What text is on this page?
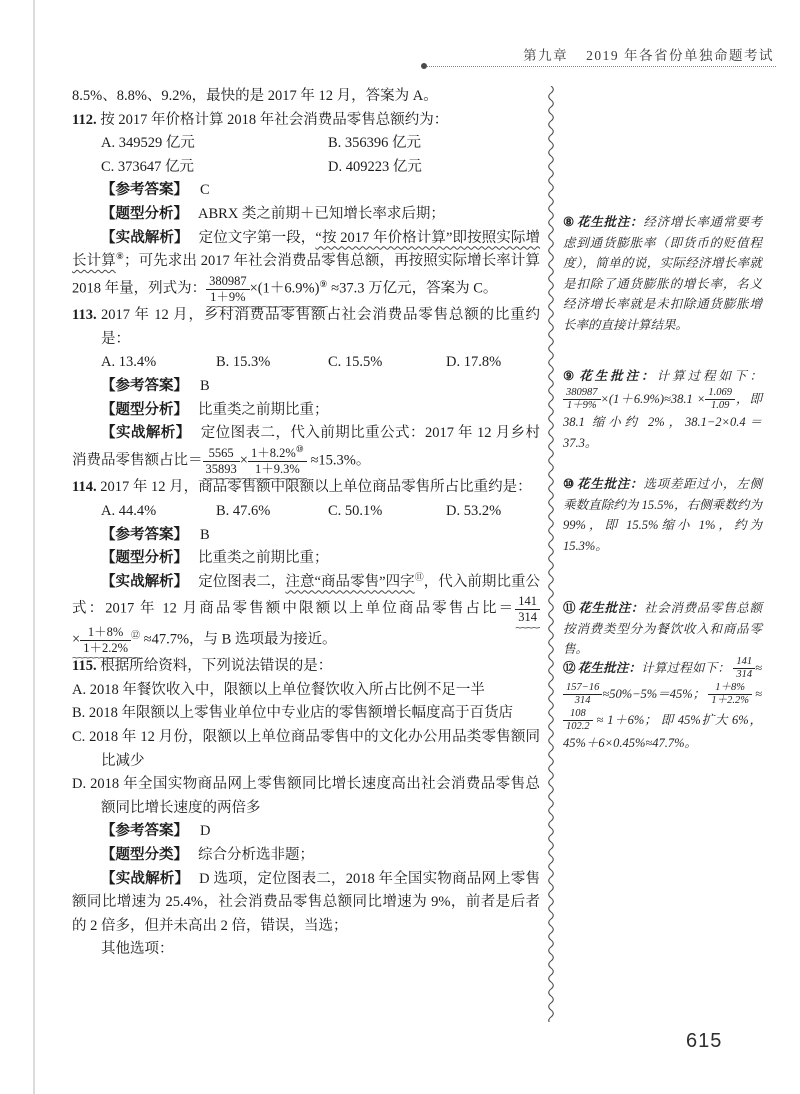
第九章 2019 年各省份单独命题考试

8.5%、8.8%、9.2%，最快的是 2017 年 12 月，答案为 A。

112. 按 2017 年价格计算 2018 年社会消费品零售总额约为：

A. 349529 亿元	B. 356396 亿元
C. 373647 亿元	D. 409223 亿元

【参考答案】 C

【题型分析】 ABRX 类之前期＋已知增长率求后期；

【实战解析】 定位文字第一段，“按 2017 年价格计算”即按照实际增长计算⑧；可先求出 2017 年社会消费品零售总额，再按照实际增长率计算 2018 年量，列式为： $\frac{380987}{1+9\%} \times(1+6.9\%)^⑨$ ~~~~~ ≈37.3 万亿元，答案为 C。

113. 2017 年 12 月，乡村消费品零售额占社会消费品零售总额的比重约是：

A. 13.4%	B. 15.3%	C. 15.5%	D. 17.8%

【参考答案】 B

【题型分析】 比重类之前期比重；

【实战解析】 定位图表二，代入前期比重公式：2017 年 12 月乡村消费品零售额占比＝ $\frac{5565}{35893} \times \frac{1+8.2\%^⑩}{1+9.3\%}$
~~~~~ ≈15.3%。

114. 2017 年 12 月，商品零售额中限额以上单位商品零售所占比重约是：

A. 44.4%	B. 47.6%	C. 50.1%	D. 53.2%

【参考答案】 B

【题型分析】 比重类之前期比重；

【实战解析】 定位图表二，注意“商品零售”四字⑪，代入前期比重公式：2017 年 12 月商品零售额中限额以上单位商品零售占比＝ $\frac{141}{314}$
~~~~~× $\frac{1+8\%}{1+2.2\%} ^⑫$ ~~~~~ ≈47.7%，与 B 选项最为接近。

115. 根据所给资料，下列说法错误的是：

A. 2018 年餐饮收入中，限额以上单位餐饮收入所占比例不足一半

B. 2018 年限额以上零售业单位中专业店的零售额增长幅度高于百货店

C. 2018 年 12 月份，限额以上单位商品零售中的文化办公用品类零售额同比减少

D. 2018 年全国实物商品网上零售额同比增长速度高出社会消费品零售总额同比增长速度的两倍多

【参考答案】 D

【题型分类】 综合分析选非题；

【实战解析】 D 选项，定位图表二，2018 年全国实物商品网上零售额同比增速为 25.4%，社会消费品零售总额同比增速为 9%，前者是后者的 2 倍多，但并未高出 2 倍，错误，当选；

其他选项：

⑧ 花生批注：经济增长率通常要考虑到通货膨胀率（即货币的贬值程度），简单的说，实际经济增长率就是扣除了通货膨胀的增长率，名义经济增长率就是未扣除通货膨胀增长率的直接计算结果。
⑨ 花生批注：计算过程如下：
$\frac{380987}{1+9\%} \times(1+6.9\%)\approx 38.1 \times \frac{1.069}{1.09}$ ，即 38.1 缩小约 2%，38.1−2×0.4＝37.3。
⑩ 花生批注：选项差距过小，左侧乘数直除约为 15.5%，右侧乘数约为 99%，即 15.5%缩小 1%，约为 15.3%。
⑪ 花生批注：社会消费品零售总额按消费类型分为餐饮收入和商品零售。
⑫ 花生批注：计算过程如下： $\frac{141}{314}$ ≈
$\frac{157-16}{314} \approx 50\%-5\%=45\%$； $\frac{1+8\%}{1+2.2\%}$ ≈
$\frac{108}{102.2} \approx 1+6\%$； 即 45%扩大 6%，45%＋6×0.45%≈47.7%。
615
